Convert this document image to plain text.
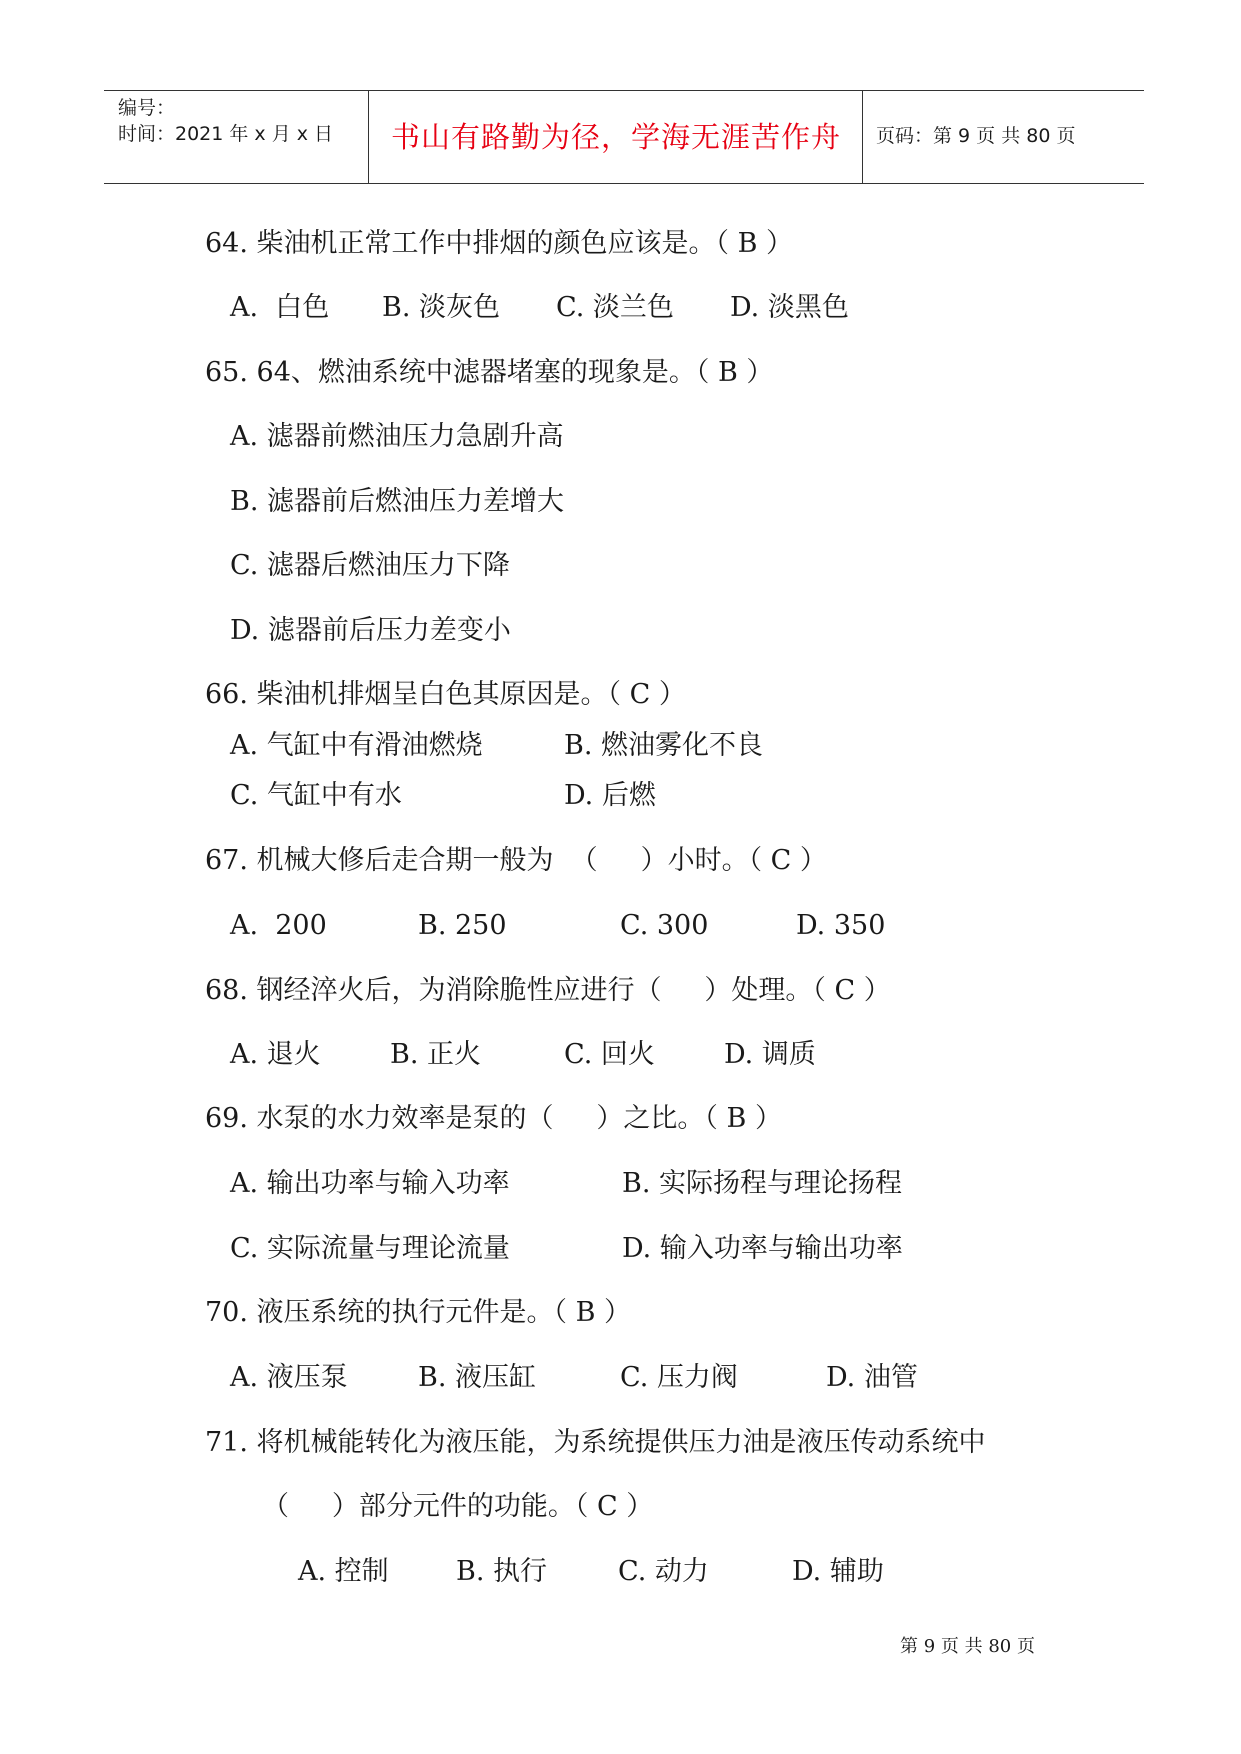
编号：
时间：2021 年 x 月 x 日	书山有路勤为径，学海无涯苦作舟	页码：第 9 页 共 80 页
64. 柴油机正常工作中排烟的颜色应该是。（ B ）
A.  白色 B. 淡灰色 C. 淡兰色 D. 淡黑色
65. 64、燃油系统中滤器堵塞的现象是。（ B ）
A. 滤器前燃油压力急剧升高
B. 滤器前后燃油压力差增大
C. 滤器后燃油压力下降
D. 滤器前后压力差变小
66. 柴油机排烟呈白色其原因是。（ C ）
A. 气缸中有滑油燃烧	B. 燃油雾化不良
C. 气缸中有水	D. 后燃
67. 机械大修后走合期一般为  （     ）小时。（ C ）
A.  200	B. 250	C. 300	D. 350
68. 钢经淬火后，为消除脆性应进行（     ）处理。（ C ）
A. 退火	B. 正火	C. 回火	D. 调质
69. 水泵的水力效率是泵的（     ）之比。（ B ）
A. 输出功率与输入功率	B. 实际扬程与理论扬程
C. 实际流量与理论流量	D. 输入功率与输出功率
70. 液压系统的执行元件是。（ B ）
A. 液压泵	B. 液压缸	C. 压力阀	D. 油管
71. 将机械能转化为液压能，为系统提供压力油是液压传动系统中
（     ）部分元件的功能。（ C ）
A. 控制 B. 执行	C. 动力	D. 辅助
第 9 页 共 80 页
